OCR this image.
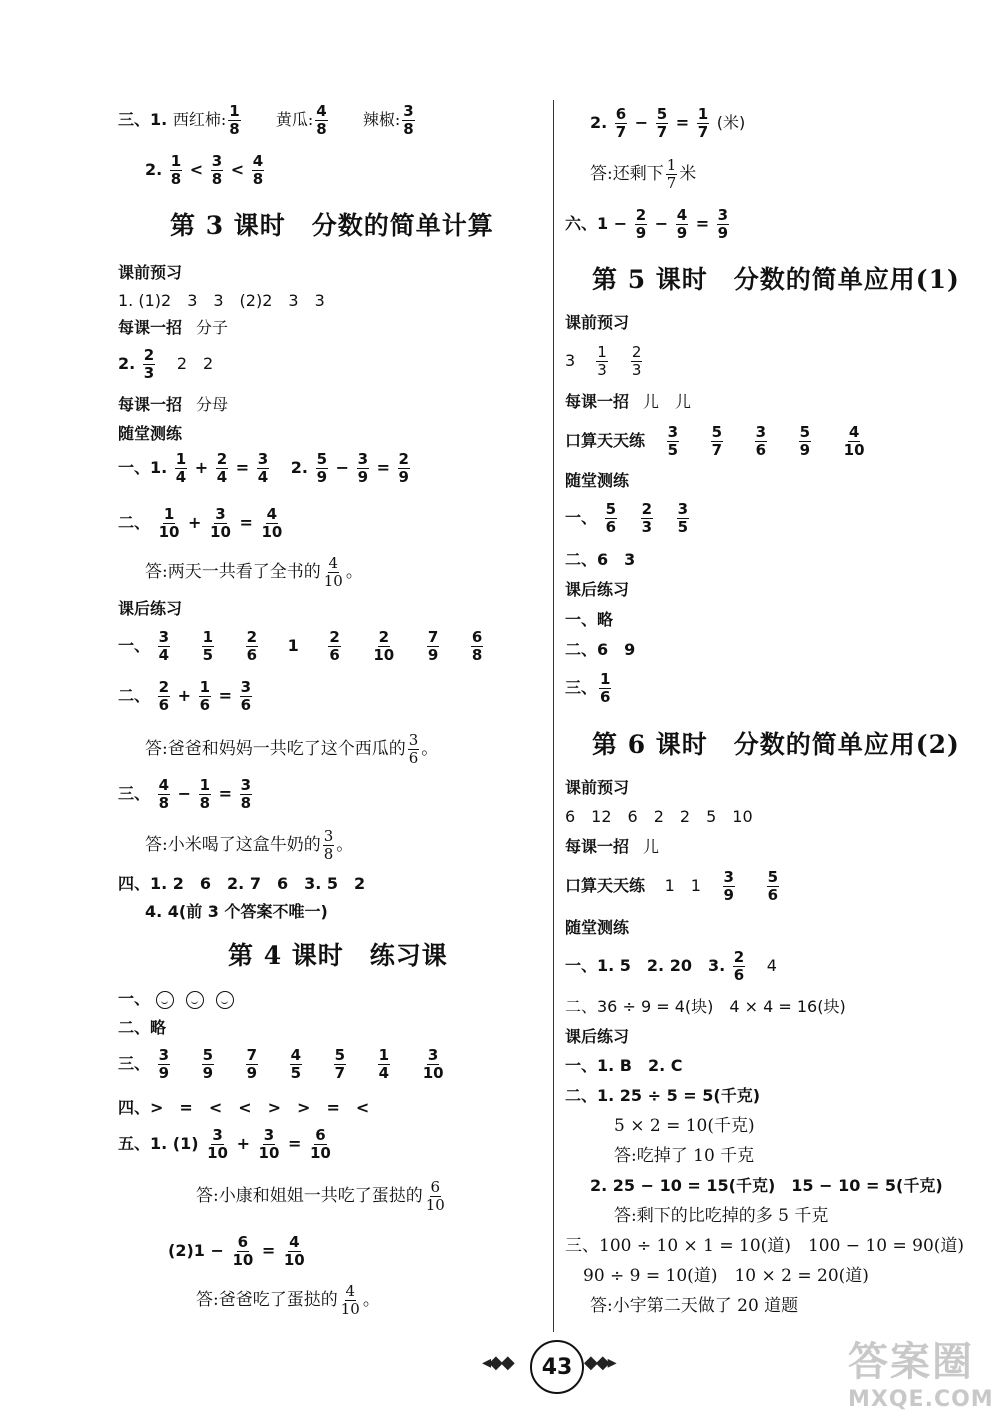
三、1. 西红柿: $\frac{1}{8}$ 黄瓜: $\frac{4}{8}$ 辣椒: $\frac{3}{8}$
2. $\frac{1}{8} < \frac{3}{8} < \frac{4}{8}$
第 3 课时　分数的简单计算
课前预习
1. (1)2　3　3　(2)2　3　3
每课一招 分子
2. $\frac{2}{3} 2$　2
每课一招 分母
随堂测练
一、1. $\frac{1}{4} + \frac{2}{4} = \frac{3}{4} 2$. $\frac{5}{9} - \frac{3}{9} = \frac{2}{9}$
二、 $\frac{1}{10} + \frac{3}{10} = \frac{4}{10}$
答:两天一共看了全书的 $\frac{4}{10}$ 。
课后练习
一、 $\frac{3}{4}$
$\frac{1}{5}$
$\frac{2}{6} 1 \frac{2}{6}$
$\frac{2}{10}$
$\frac{7}{9}$
$\frac{6}{8}$
二、 $\frac{2}{6} + \frac{1}{6} = \frac{3}{6}$
答:爸爸和妈妈一共吃了这个西瓜的 $\frac{3}{6}$ 。
三、 $\frac{4}{8} - \frac{1}{8} = \frac{3}{8}$
答:小米喝了这盒牛奶的 $\frac{3}{8}$ 。
四、1. 2　6　2. 7　6　3. 5　2
4. 4(前 3 个答案不唯一)
第 4 课时　练习课
一、
二、略
三、 $\frac{3}{9}$
$\frac{5}{9}$
$\frac{7}{9}$
$\frac{4}{5}$
$\frac{5}{7}$
$\frac{1}{4}$
$\frac{3}{10}$
四、>　=　<　<　>　>　=　<
五、1. $(1) \frac{3}{10} + \frac{3}{10} = \frac{6}{10}$
答:小康和姐姐一共吃了蛋挞的 $\frac{6}{10}$
$(2)1 - \frac{6}{10} = \frac{4}{10}$
答:爸爸吃了蛋挞的 $\frac{4}{10}$ 。
2. $\frac{6}{7} - \frac{5}{7} = \frac{1}{7}$ (米)
答:还剩下 $\frac{1}{7}$ 米
六、$1 - \frac{2}{9} - \frac{4}{9} = \frac{3}{9}$
第 5 课时　分数的简单应用(1)
课前预习
$3 \frac{1}{3}$
$\frac{2}{3}$
每课一招 儿　儿
口算天天练 $\frac{3}{5}$
$\frac{5}{7}$
$\frac{3}{6}$
$\frac{5}{9}$
$\frac{4}{10}$
随堂测练
一、 $\frac{5}{6}$
$\frac{2}{3}$
$\frac{3}{5}$
二、6　3
课后练习
一、略
二、6　9
三、 $\frac{1}{6}$
第 6 课时　分数的简单应用(2)
课前预习
6　12　6　2　2　5　10
每课一招 儿
口算天天练 1　$1 \frac{3}{9}$
$\frac{5}{6}$
随堂测练
一、1. 5　2. 20　3. $\frac{2}{6} 4$
二、36 ÷ 9 = 4(块)　4 × 4 = 16(块)
课后练习
一、1. B　2. C
二、1. 25 ÷ 5 = 5(千克)
5 × 2 = 10(千克)
答:吃掉了 10 千克
2. 25 − 10 = 15(千克)　15 − 10 = 5(千克)
答:剩下的比吃掉的多 5 千克
三、100 ÷ 10 × 1 = 10(道)　100 − 10 = 90(道)
90 ÷ 9 = 10(道)　10 × 2 = 20(道)
答:小宇第二天做了 20 道题
◂◆◆	43 ◆◆▸	答案圈
MXQE.COM
